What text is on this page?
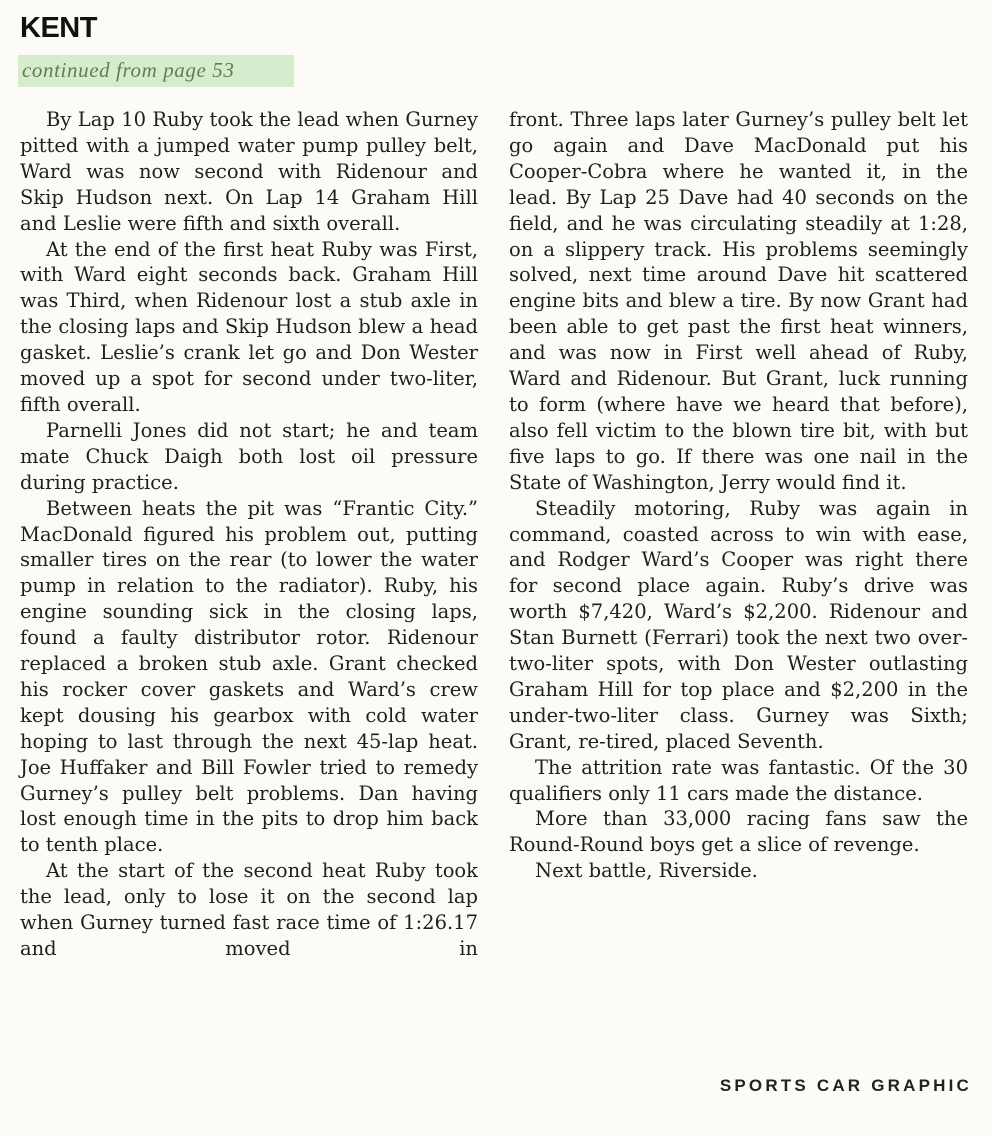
KENT
continued from page 53

By Lap 10 Ruby took the lead when Gurney pitted with a jumped water pump pulley belt, Ward was now second with Ridenour and Skip Hudson next. On Lap 14 Graham Hill and Leslie were fifth and sixth overall.

At the end of the first heat Ruby was First, with Ward eight seconds back. Graham Hill was Third, when Ridenour lost a stub axle in the closing laps and Skip Hudson blew a head gasket. Leslie’s crank let go and Don Wester moved up a spot for second under two-liter, fifth overall.

Parnelli Jones did not start; he and team mate Chuck Daigh both lost oil pressure during practice.

Between heats the pit was “Frantic City.” MacDonald figured his problem out, putting smaller tires on the rear (to lower the water pump in relation to the radiator). Ruby, his engine sounding sick in the closing laps, found a faulty distributor rotor. Ridenour replaced a broken stub axle. Grant checked his rocker cover gaskets and Ward’s crew kept dousing his gearbox with cold water hoping to last through the next 45-lap heat. Joe Huffaker and Bill Fowler tried to remedy Gurney’s pulley belt problems. Dan having lost enough time in the pits to drop him back to tenth place.

At the start of the second heat Ruby took the lead, only to lose it on the second lap when Gurney turned fast race time of 1:26.17 and moved in

front. Three laps later Gurney’s pulley belt let go again and Dave MacDonald put his Cooper-Cobra where he wanted it, in the lead. By Lap 25 Dave had 40 seconds on the field, and he was circulating steadily at 1:28, on a slippery track. His problems seemingly solved, next time around Dave hit scattered engine bits and blew a tire. By now Grant had been able to get past the first heat winners, and was now in First well ahead of Ruby, Ward and Ridenour. But Grant, luck running to form (where have we heard that before), also fell victim to the blown tire bit, with but five laps to go. If there was one nail in the State of Washington, Jerry would find it.

Steadily motoring, Ruby was again in command, coasted across to win with ease, and Rodger Ward’s Cooper was right there for second place again. Ruby’s drive was worth $7,420, Ward’s $2,200. Ridenour and Stan Burnett (Ferrari) took the next two over-two-liter spots, with Don Wester outlasting Graham Hill for top place and $2,200 in the under-two-liter class. Gurney was Sixth; Grant, re-tired, placed Seventh.

The attrition rate was fantastic. Of the 30 qualifiers only 11 cars made the distance.

More than 33,000 racing fans saw the Round-Round boys get a slice of revenge.

Next battle, Riverside.

SPORTS CAR GRAPHIC
